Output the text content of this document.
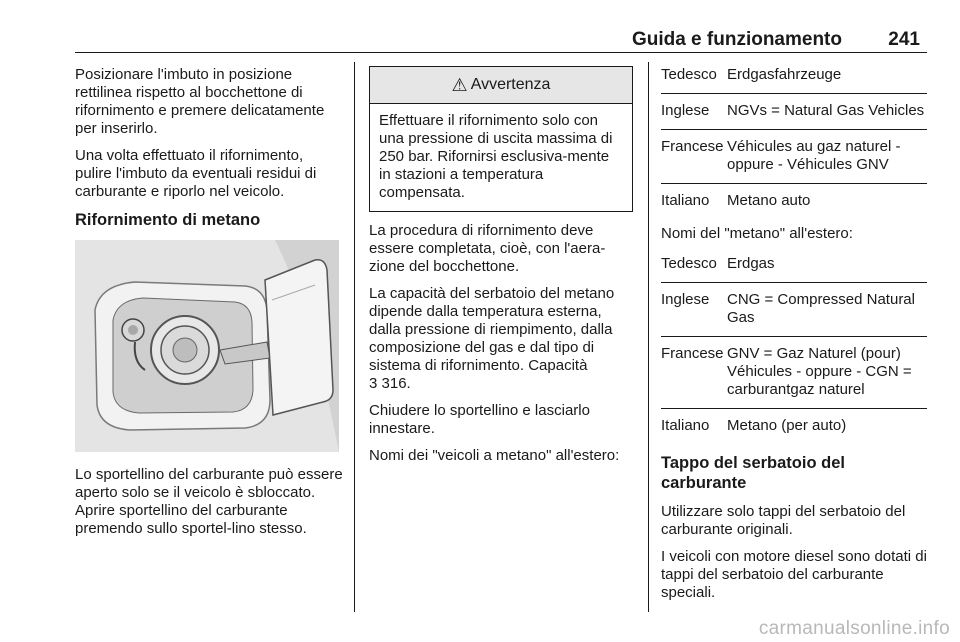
Guida e funzionamento 241

Posizionare l'imbuto in posizione rettilinea rispetto al bocchettone di rifornimento e premere delicatamente per inserirlo.

Una volta effettuato il rifornimento, pulire l'imbuto da eventuali residui di carburante e riporlo nel veicolo.

Rifornimento di metano

Lo sportellino del carburante può essere aperto solo se il veicolo è sbloccato. Aprire sportellino del carburante premendo sullo sportel‐lino stesso.

⚠ Avvertenza
Effettuare il rifornimento solo con una pressione di uscita massima di 250 bar. Rifornirsi esclusiva‐mente in stazioni a temperatura compensata.

La procedura di rifornimento deve essere completata, cioè, con l'aera‐zione del bocchettone.

La capacità del serbatoio del metano dipende dalla temperatura esterna, dalla pressione di riempimento, dalla composizione del gas e dal tipo di sistema di rifornimento. Capacità

3 316.

Chiudere lo sportellino e lasciarlo innestare.

Nomi dei "veicoli a metano" all'estero:

Tedesco Erdgasfahrzeuge
Inglese	NGVs = Natural Gas Vehicles
Francese Véhicules au gaz naturel - oppure - Véhicules GNV
Italiano	Metano auto

Nomi del "metano" all'estero:

Tedesco Erdgas
Inglese	CNG = Compressed Natural Gas
Francese GNV = Gaz Naturel (pour) Véhicules - oppure - CGN = carburantgaz naturel
Italiano	Metano (per auto)
Tappo del serbatoio del carburante

Utilizzare solo tappi del serbatoio del carburante originali.

I veicoli con motore diesel sono dotati di tappi del serbatoio del carburante speciali.

carmanualsonline.info
